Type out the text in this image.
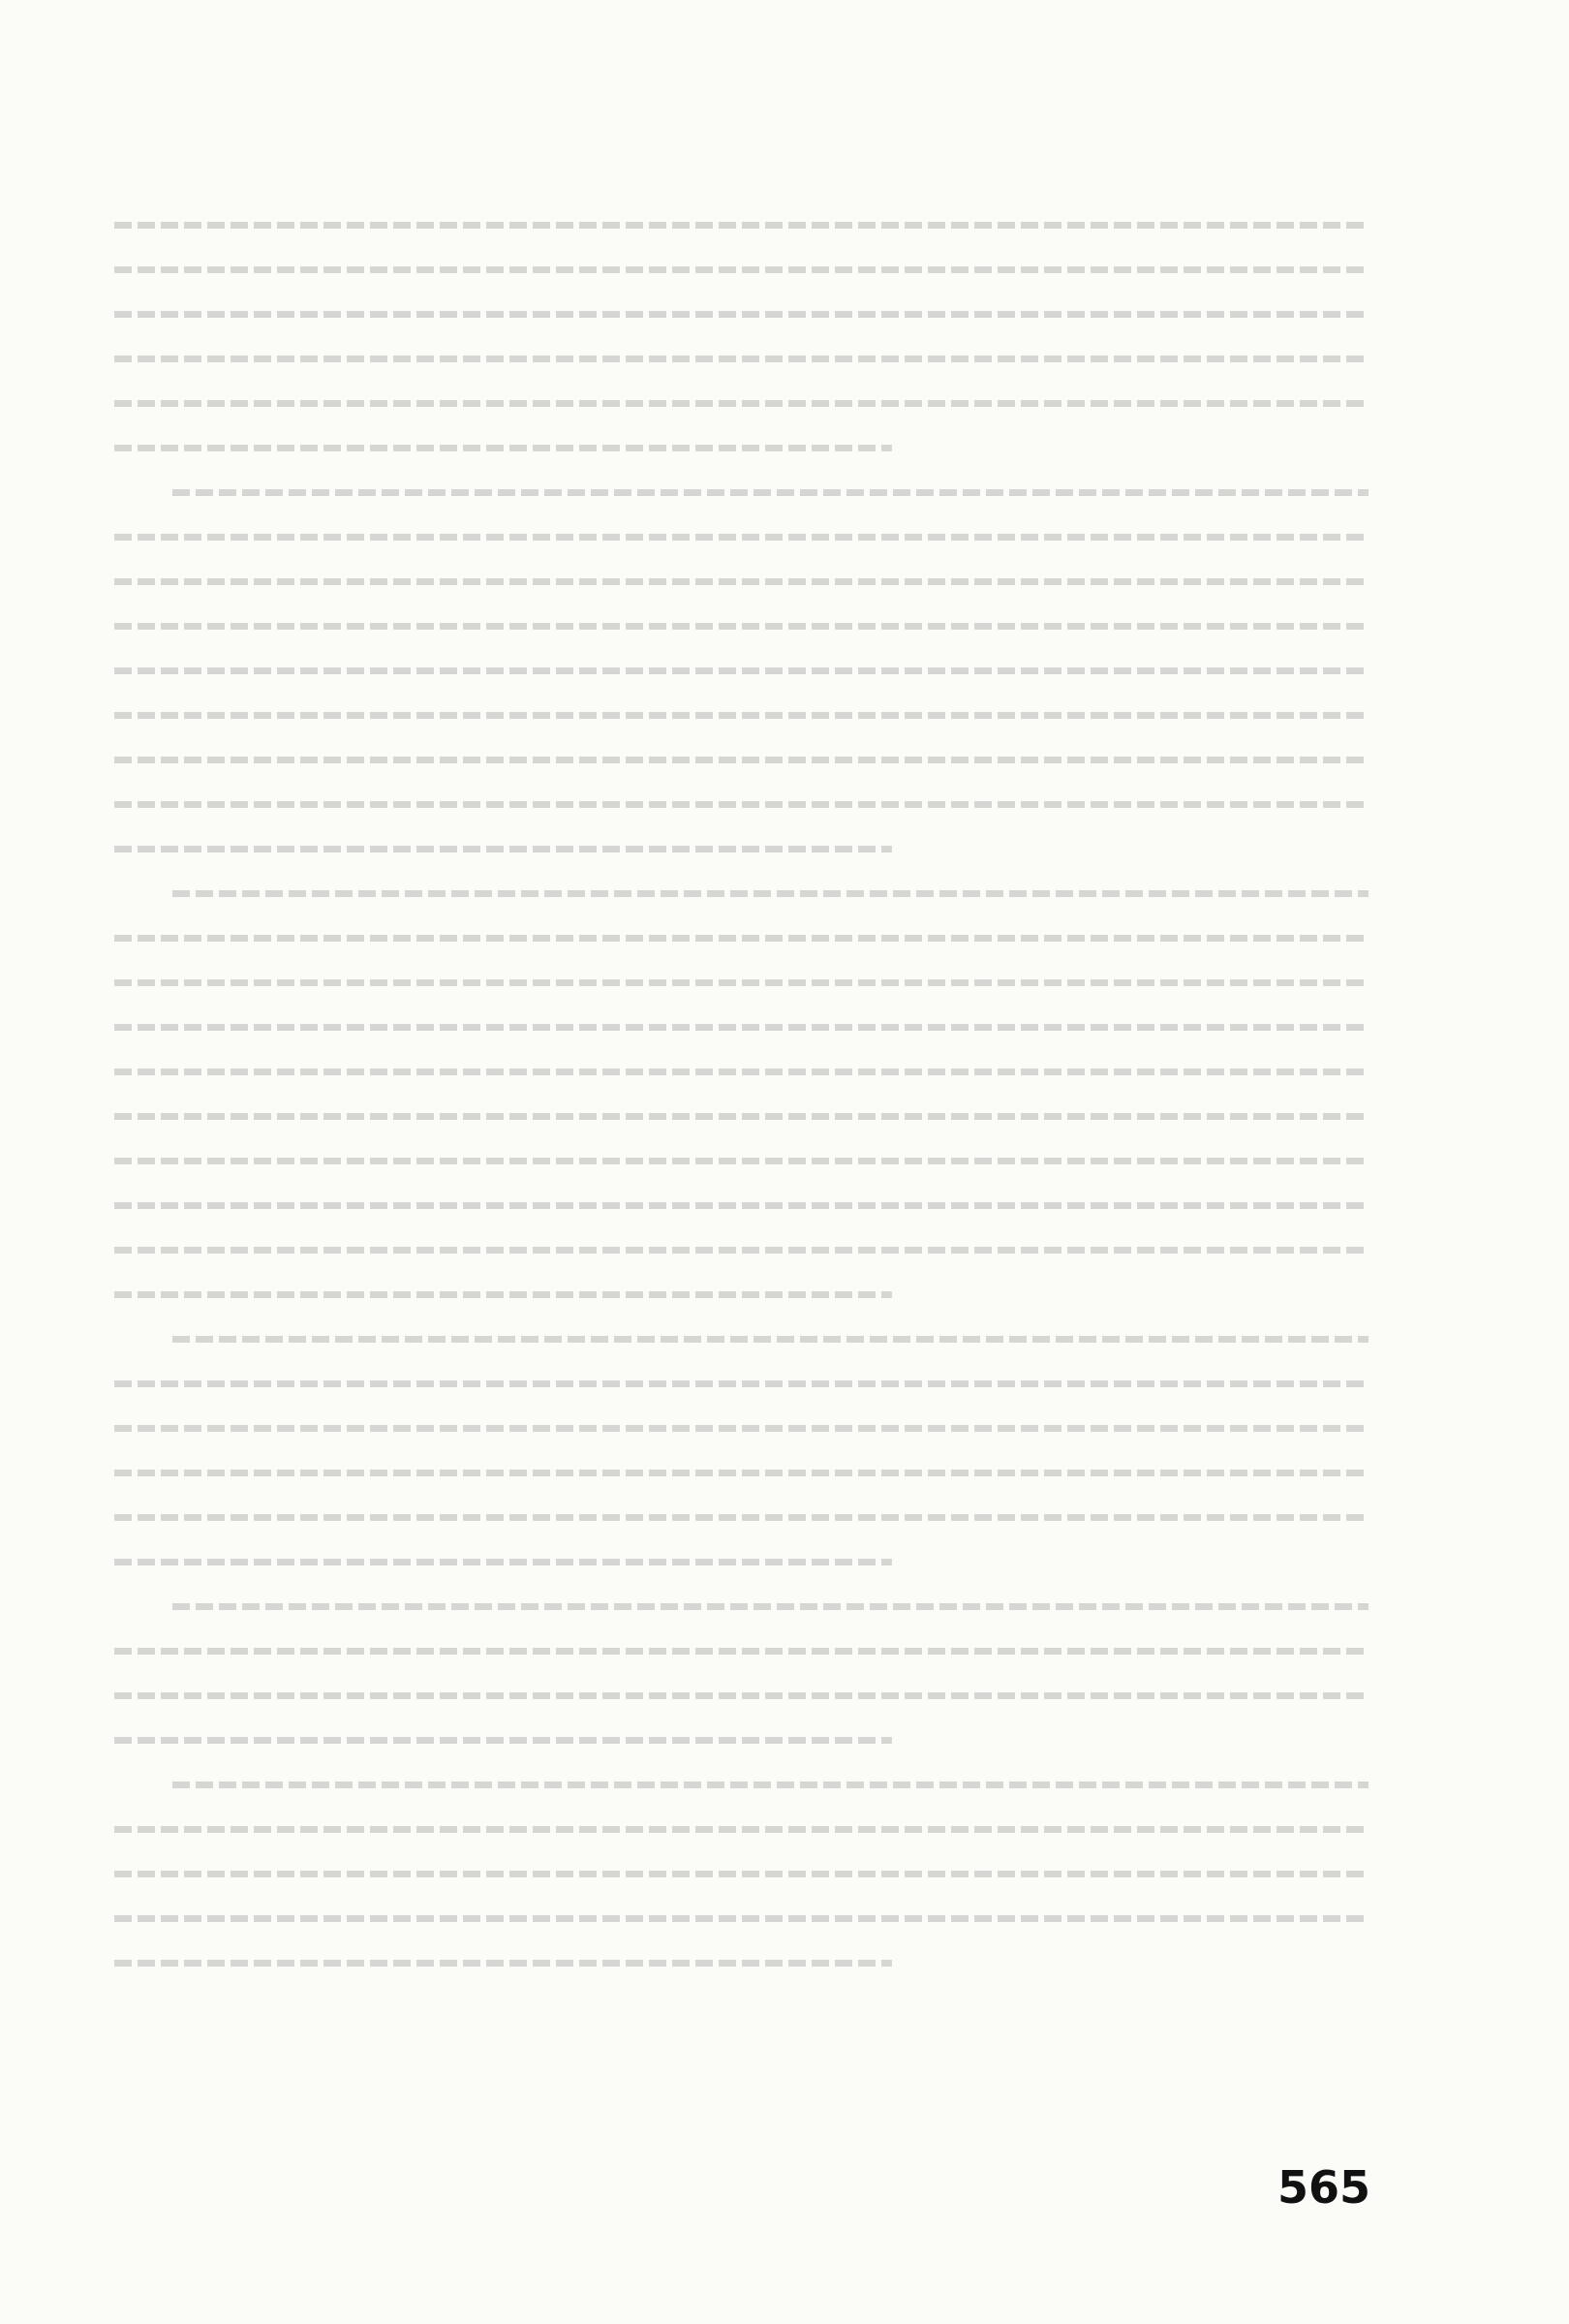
565
